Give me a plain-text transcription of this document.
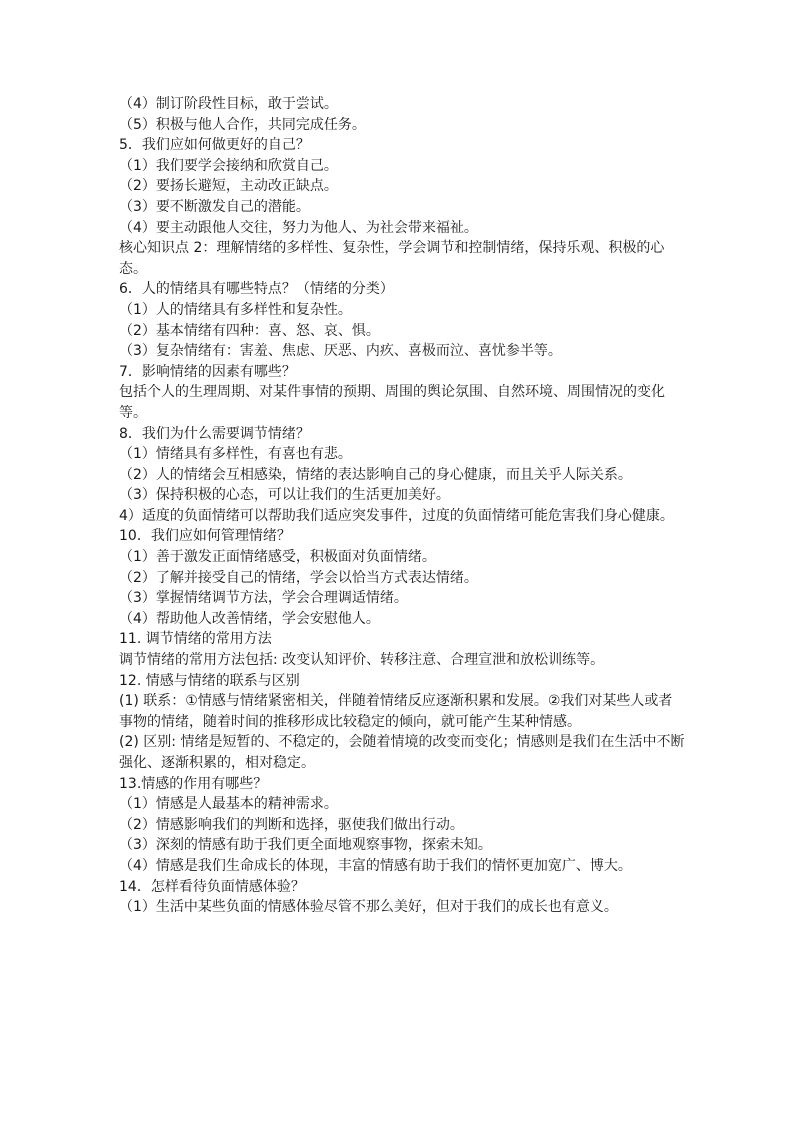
（4）制订阶段性目标，敢于尝试。

（5）积极与他人合作，共同完成任务。

5．我们应如何做更好的自己？

（1）我们要学会接纳和欣赏自己。

（2）要扬长避短，主动改正缺点。

（3）要不断激发自己的潜能。

（4）要主动跟他人交往，努力为他人、为社会带来福祉。

核心知识点 2：理解情绪的多样性、复杂性，学会调节和控制情绪，保持乐观、积极的心态。

6．人的情绪具有哪些特点？（情绪的分类）

（1）人的情绪具有多样性和复杂性。

（2）基本情绪有四种：喜、怒、哀、惧。

（3）复杂情绪有：害羞、焦虑、厌恶、内疚、喜极而泣、喜忧参半等。

7．影响情绪的因素有哪些？

包括个人的生理周期、对某件事情的预期、周围的舆论氛围、自然环境、周围情况的变化等。

8．我们为什么需要调节情绪？

（1）情绪具有多样性，有喜也有悲。

（2）人的情绪会互相感染，情绪的表达影响自己的身心健康，而且关乎人际关系。

（3）保持积极的心态，可以让我们的生活更加美好。

4）适度的负面情绪可以帮助我们适应突发事件，过度的负面情绪可能危害我们身心健康。

10．我们应如何管理情绪？

（1）善于激发正面情绪感受，积极面对负面情绪。

（2）了解并接受自己的情绪，学会以恰当方式表达情绪。

（3）掌握情绪调节方法，学会合理调适情绪。

（4）帮助他人改善情绪，学会安慰他人。

11. 调节情绪的常用方法

调节情绪的常用方法包括: 改变认知评价、转移注意、合理宣泄和放松训练等。

12. 情感与情绪的联系与区别

(1) 联系：①情感与情绪紧密相关，伴随着情绪反应逐渐积累和发展。②我们对某些人或者事物的情绪，随着时间的推移形成比较稳定的倾向，就可能产生某种情感。

(2) 区别: 情绪是短暂的、不稳定的，会随着情境的改变而变化；情感则是我们在生活中不断强化、逐渐积累的，相对稳定。

13.情感的作用有哪些？

（1）情感是人最基本的精神需求。

（2）情感影响我们的判断和选择，驱使我们做出行动。

（3）深刻的情感有助于我们更全面地观察事物，探索未知。

（4）情感是我们生命成长的体现，丰富的情感有助于我们的情怀更加宽广、博大。

14．怎样看待负面情感体验？

（1）生活中某些负面的情感体验尽管不那么美好，但对于我们的成长也有意义。
